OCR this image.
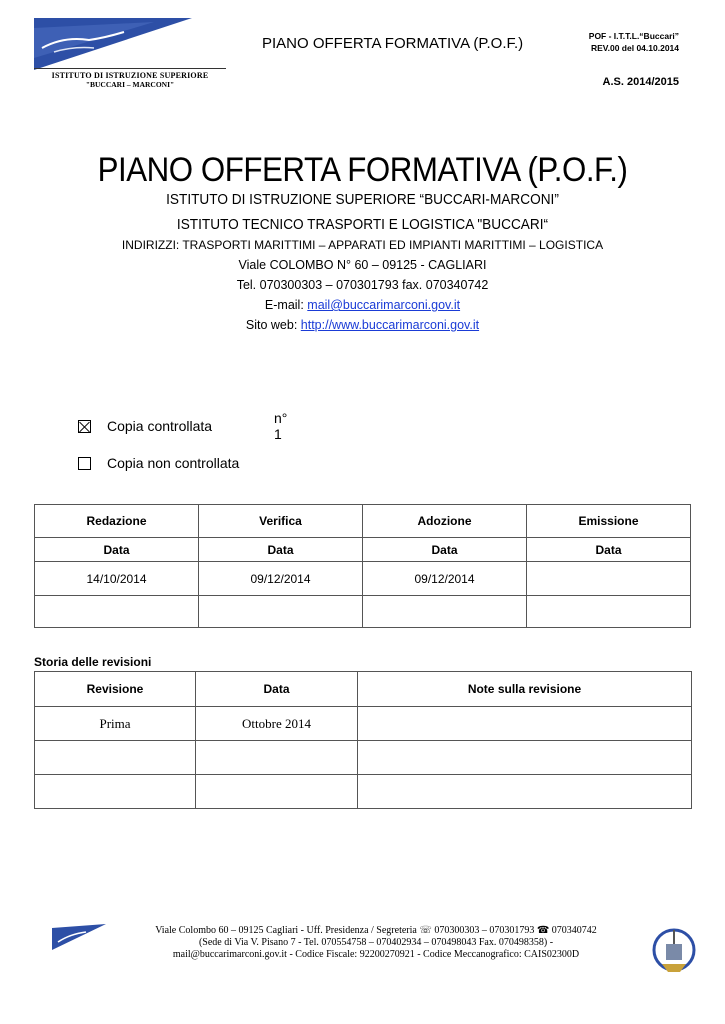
ISTITUTO DI ISTRUZIONE SUPERIORE
"BUCCARI – MARCONI"
PIANO OFFERTA FORMATIVA (P.O.F.)	POF - I.T.T.L.“Buccari”
REV.00 del 04.10.2014
A.S. 2014/2015
PIANO OFFERTA FORMATIVA (P.O.F.)
ISTITUTO DI ISTRUZIONE SUPERIORE “BUCCARI-MARCONI”
ISTITUTO TECNICO TRASPORTI E LOGISTICA "BUCCARI“
INDIRIZZI: TRASPORTI MARITTIMI – APPARATI ED IMPIANTI MARITTIMI – LOGISTICA
Viale COLOMBO N° 60 – 09125 - CAGLIARI
Tel. 070300303 – 070301793 fax. 070340742
E-mail: mail@buccarimarconi.gov.it
Sito web: http://www.buccarimarconi.gov.it
Copia controllata	n° 1
Copia non controllata
Redazione	Verifica	Adozione	Emissione
Data	Data	Data	Data
14/10/2014	09/12/2014	09/12/2014	

Storia delle revisioni
Revisione	Data	Note sulla revisione
Prima	Ottobre 2014	

Viale Colombo 60 – 09125 Cagliari - Uff. Presidenza / Segreteria ☏ 070300303 – 070301793 ☎ 070340742
(Sede di Via V. Pisano 7 - Tel. 070554758 – 070402934 – 070498043 Fax. 070498358) -
mail@buccarimarconi.gov.it - Codice Fiscale: 92200270921 - Codice Meccanografico: CAIS02300D
